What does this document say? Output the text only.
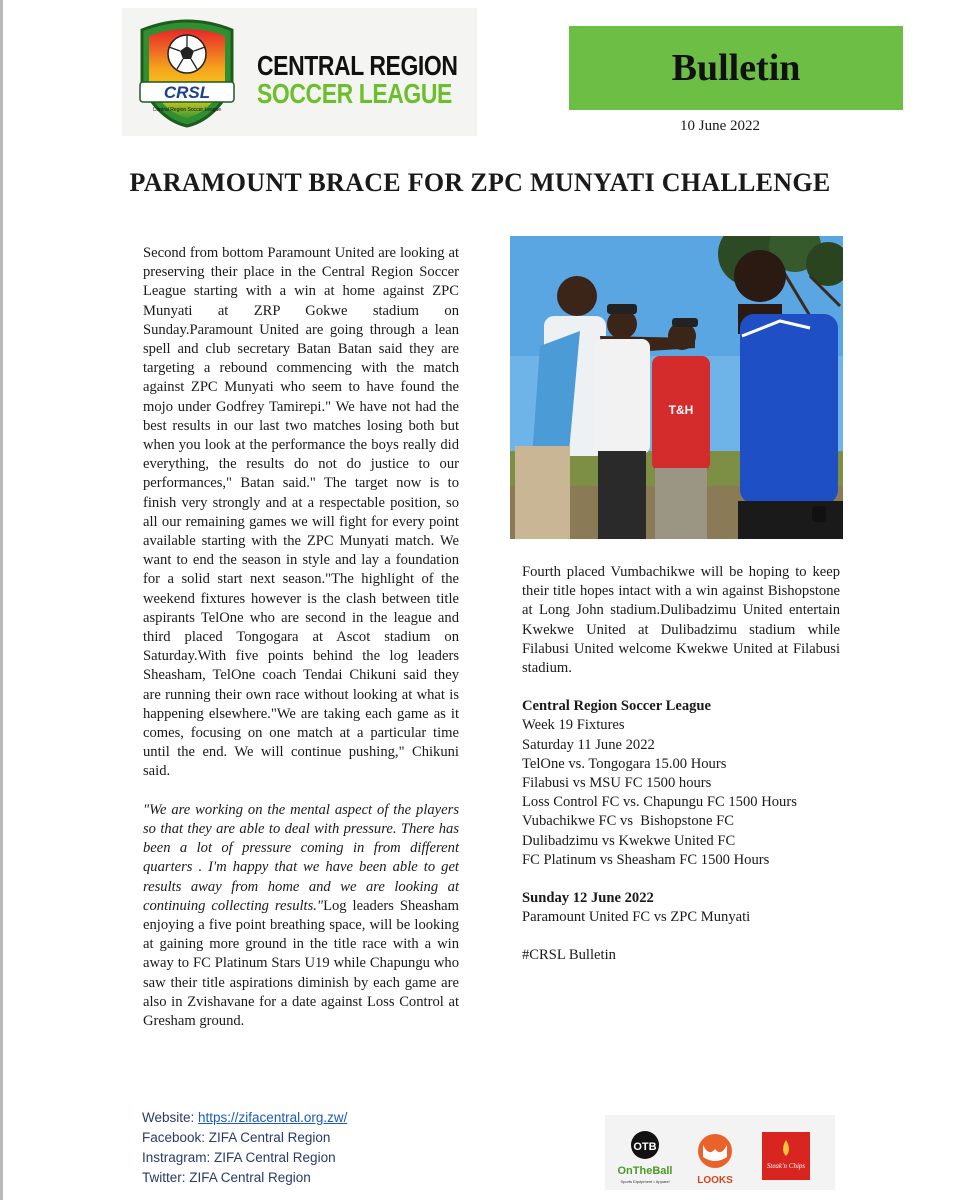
CRSL
Central Region Soccer League
CENTRAL REGION
SOCCER LEAGUE
Bulletin
10 June 2022
PARAMOUNT BRACE FOR ZPC MUNYATI CHALLENGE

Second from bottom Paramount United are looking at preserving their place in the Central Region Soccer League starting with a win at home against ZPC Munyati at ZRP Gokwe stadium on Sunday.Paramount United are going through a lean spell and club secretary Batan Batan said they are targeting a rebound commencing with the match against ZPC Munyati who seem to have found the mojo under Godfrey Tamirepi." We have not had the best results in our last two matches losing both but when you look at the performance the boys really did everything, the results do not do justice to our performances," Batan said." The target now is to finish very strongly and at a respectable position, so all our remaining games we will fight for every point available starting with the ZPC Munyati match. We want to end the season in style and lay a foundation for a solid start next season."The highlight of the weekend fixtures however is the clash between title aspirants TelOne who are second in the league and third placed Tongogara at Ascot stadium on Saturday.With five points behind the log leaders Sheasham, TelOne coach Tendai Chikuni said they are running their own race without looking at what is happening elsewhere."We are taking each game as it comes, focusing on one match at a particular time until the end. We will continue pushing," Chikuni said.

"We are working on the mental aspect of the players so that they are able to deal with pressure. There has been a lot of pressure coming in from different quarters . I'm happy that we have been able to get results away from home and we are looking at continuing collecting results."Log leaders Sheasham enjoying a five point breathing space, will be looking at gaining more ground in the title race with a win away to FC Platinum Stars U19 while Chapungu who saw their title aspirations diminish by each game are also in Zvishavane for a date against Loss Control at Gresham ground.

T&H

Fourth placed Vumbachikwe will be hoping to keep their title hopes intact with a win against Bishopstone at Long John stadium.Dulibadzimu United entertain Kwekwe United at Dulibadzimu stadium while Filabusi United welcome Kwekwe United at Filabusi stadium.

Central Region Soccer League

Week 19 Fixtures

Saturday 11 June 2022

TelOne vs. Tongogara 15.00 Hours

Filabusi vs MSU FC 1500 hours

Loss Control FC vs. Chapungu FC 1500 Hours

Vubachikwe FC vs  Bishopstone FC

Dulibadzimu vs Kwekwe United FC

FC Platinum vs Sheasham FC 1500 Hours

Sunday 12 June 2022

Paramount United FC vs ZPC Munyati

#CRSL Bulletin

Website: https://zifacentral.org.zw/
Facebook: ZIFA Central Region
Instragram: ZIFA Central Region
Twitter: ZIFA Central Region
OTB
OnTheBall
Sports Equipment • Apparel	LOOKS
Steak'n Chips
